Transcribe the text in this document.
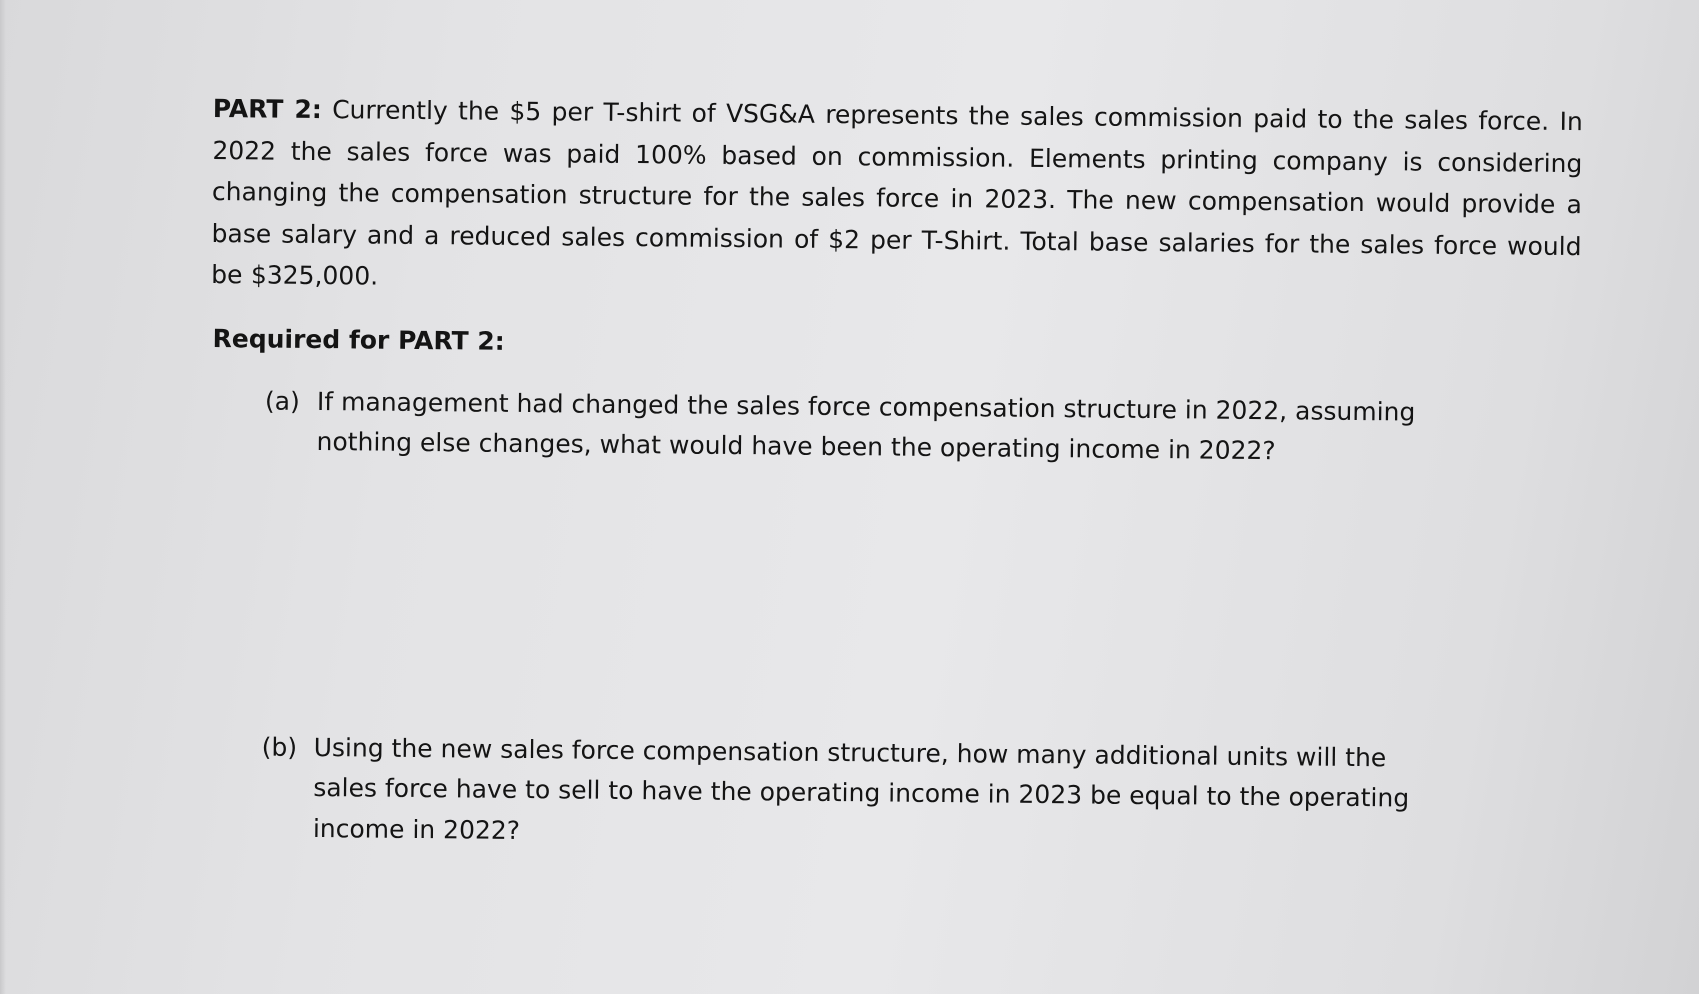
PART 2: Currently the $5 per T-shirt of VSG&A represents the sales commission paid to the sales force. In 2022 the sales force was paid 100% based on commission. Elements printing company is considering changing the compensation structure for the sales force in 2023. The new compensation would provide a base salary and a reduced sales commission of $2 per T-Shirt. Total base salaries for the sales force would be $325,000.

Required for PART 2:
(a) If management had changed the sales force compensation structure in 2022, assuming nothing else changes, what would have been the operating income in 2022?
(b) Using the new sales force compensation structure, how many additional units will the sales force have to sell to have the operating income in 2023 be equal to the operating income in 2022?
